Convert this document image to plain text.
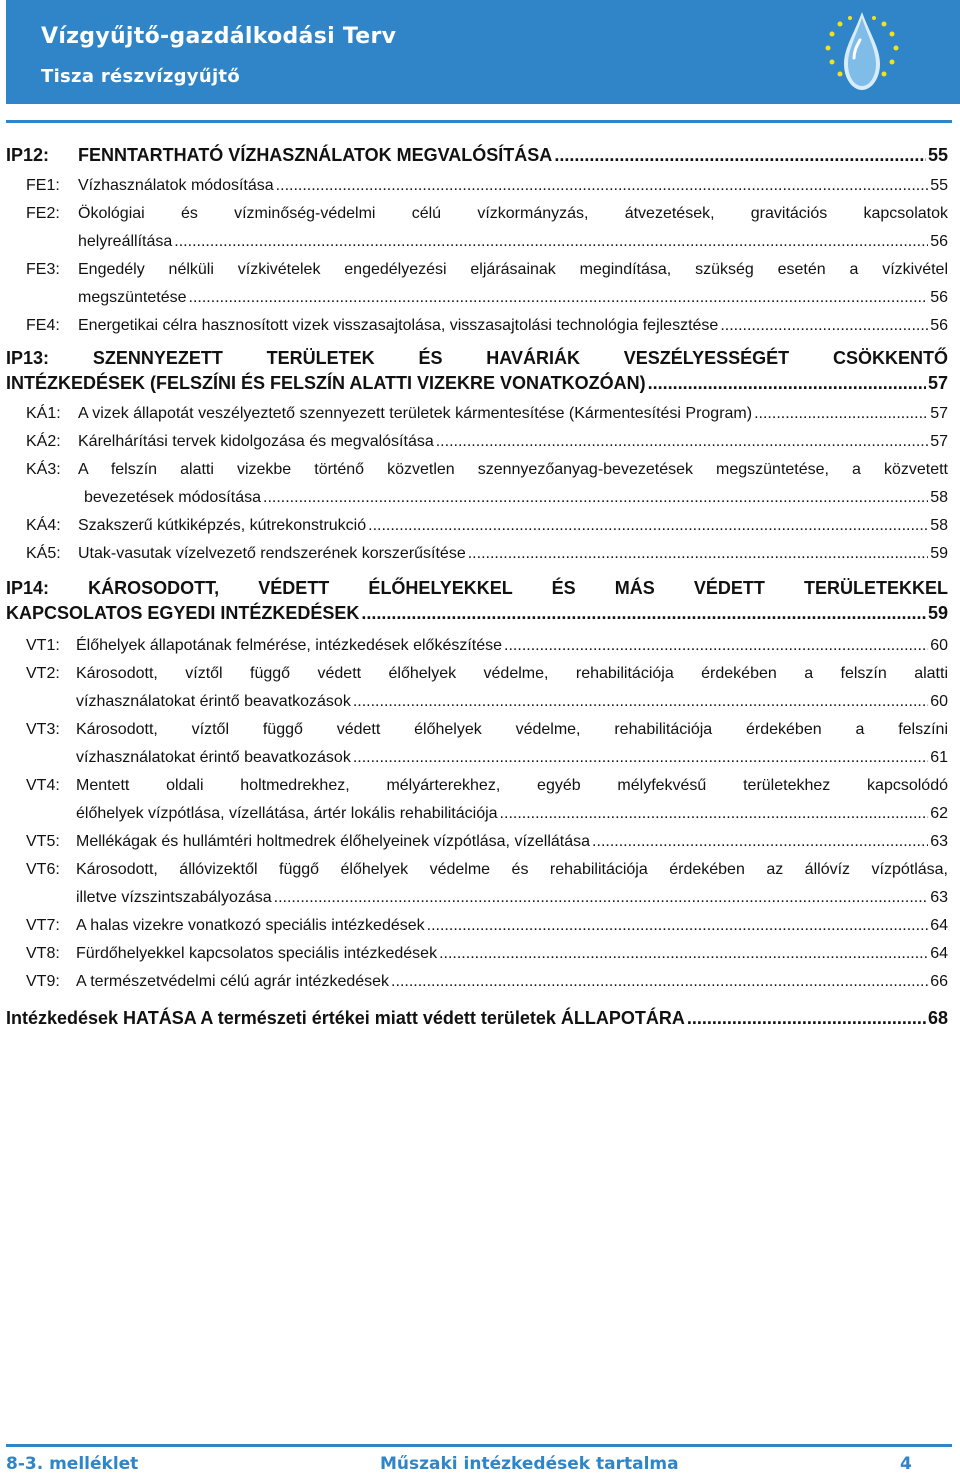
Vízgyűjtő-gazdálkodási Terv
Tisza részvízgyűjtő
IP12: FENNTARTHATÓ VÍZHASZNÁLATOK MEGVALÓSÍTÁSA .....	55
FE1: Vízhasználatok módosítása .....	55
FE2: Ökológiai és vízminőség-védelmi célú vízkormányzás, átvezetések, gravitációs kapcsolatok
helyreállítása .....	56
FE3: Engedély nélküli vízkivételek engedélyezési eljárásainak megindítása, szükség esetén a vízkivétel
megszüntetése .....	56
FE4: Energetikai célra hasznosított vizek visszasajtolása, visszasajtolási technológia fejlesztése .....	56
IP13: SZENNYEZETT TERÜLETEK ÉS HAVÁRIÁK VESZÉLYESSÉGÉT CSÖKKENTŐ
INTÉZKEDÉSEK (FELSZÍNI ÉS FELSZÍN ALATTI VIZEKRE VONATKOZÓAN) .....	57
KÁ1: A vizek állapotát veszélyeztető szennyezett területek kármentesítése (Kármentesítési Program) .....	57
KÁ2: Kárelhárítási tervek kidolgozása és megvalósítása .....	57
KÁ3: A felszín alatti vizekbe történő közvetlen szennyezőanyag-bevezetések megszüntetése, a közvetett
bevezetések módosítása .....	58
KÁ4: Szakszerű kútkiképzés, kútrekonstrukció .....	58
KÁ5: Utak-vasutak vízelvezető rendszerének korszerűsítése .....	59
IP14: KÁROSODOTT, VÉDETT ÉLŐHELYEKKEL ÉS MÁS VÉDETT TERÜLETEKKEL
KAPCSOLATOS EGYEDI INTÉZKEDÉSEK .....	59
VT1: Élőhelyek állapotának felmérése, intézkedések előkészítése .....	60
VT2: Károsodott, víztől függő védett élőhelyek védelme, rehabilitációja érdekében a felszín alatti
vízhasználatokat érintő beavatkozások .....	60
VT3: Károsodott, víztől függő védett élőhelyek védelme, rehabilitációja érdekében a felszíni
vízhasználatokat érintő beavatkozások .....	61
VT4: Mentett oldali holtmedrekhez, mélyárterekhez, egyéb mélyfekvésű területekhez kapcsolódó
élőhelyek vízpótlása, vízellátása, ártér lokális rehabilitációja .....	62
VT5: Mellékágak és hullámtéri holtmedrek élőhelyeinek vízpótlása, vízellátása .....	63
VT6: Károsodott, állóvizektől függő élőhelyek védelme és rehabilitációja érdekében az állóvíz vízpótlása,
illetve vízszintszabályozása .....	63
VT7: A halas vizekre vonatkozó speciális intézkedések .....	64
VT8: Fürdőhelyekkel kapcsolatos speciális intézkedések .....	64
VT9: A természetvédelmi célú agrár intézkedések .....	66
Intézkedések HATÁSA A természeti értékei miatt védett területek ÁLLAPOTÁRA .....	68
8-3. melléklet	Műszaki intézkedések tartalma	4
